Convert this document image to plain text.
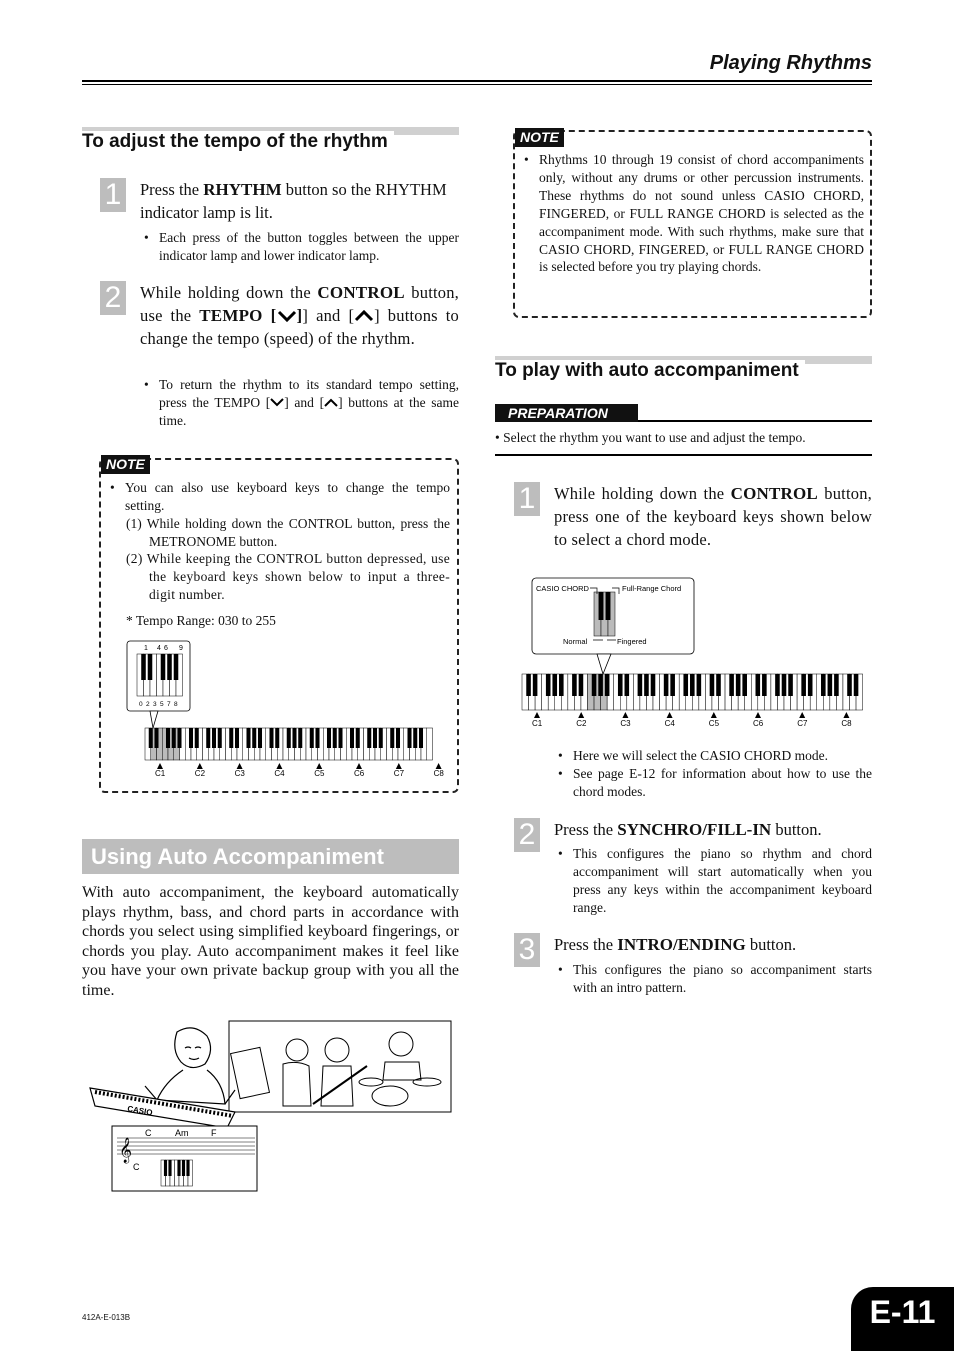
Playing Rhythms
To adjust the tempo of the rhythm
1 Press the RHYTHM button so the RHYTHM indicator lamp is lit.
• Each press of the button toggles between the upper indicator lamp and lower indicator lamp.
2 While holding down the CONTROL button, use the TEMPO [ ]] and [ ] buttons to change the tempo (speed) of the rhythm.
• To return the rhythm to its standard tempo setting, press the TEMPO [ ] and [ ] buttons at the same time.
NOTE
• You can also use keyboard keys to change the tempo setting.
(1) While holding down the CONTROL button, press the METRONOME button.
(2) While keeping the CONTROL button depressed, use the keyboard keys shown below to input a three-digit number.
* Tempo Range: 030 to 255
1 4 6 9
0 2 3 5 7 8
C1	C2	C3	C4	C5	C6	C7	C8
Using Auto Accompaniment
With auto accompaniment, the keyboard automatically plays rhythm, bass, and chord parts in accordance with chords you select using simplified keyboard fingerings, or chords you play. Auto accompaniment makes it feel like you have your own private backup group with you all the time.
CASIO
𝄞
C	Am	F
C
NOTE
• Rhythms 10 through 19 consist of chord accompaniments only, without any drums or other percussion instruments. These rhythms do not sound unless CASIO CHORD, FINGERED, or FULL RANGE CHORD is selected as the accompaniment mode. With such rhythms, make sure that CASIO CHORD, FINGERED, or FULL RANGE CHORD is selected before you try playing chords.
To play with auto accompaniment
PREPARATION
• Select the rhythm you want to use and adjust the tempo.
1 While holding down the CONTROL button, press one of the keyboard keys shown below to select a chord mode.
CASIO CHORD	Full-Range Chord
Normal	Fingered
C1	C2	C3	C4	C5	C6	C7	C8
• Here we will select the CASIO CHORD mode.
• See page E-12 for information about how to use the chord modes.
2 Press the SYNCHRO/FILL-IN button.
• This configures the piano so rhythm and chord accompaniment will start automatically when you press any keys within the accompaniment keyboard range.
3 Press the INTRO/ENDING button.
• This configures the piano so accompaniment starts with an intro pattern.
412A-E-013B	E-11
